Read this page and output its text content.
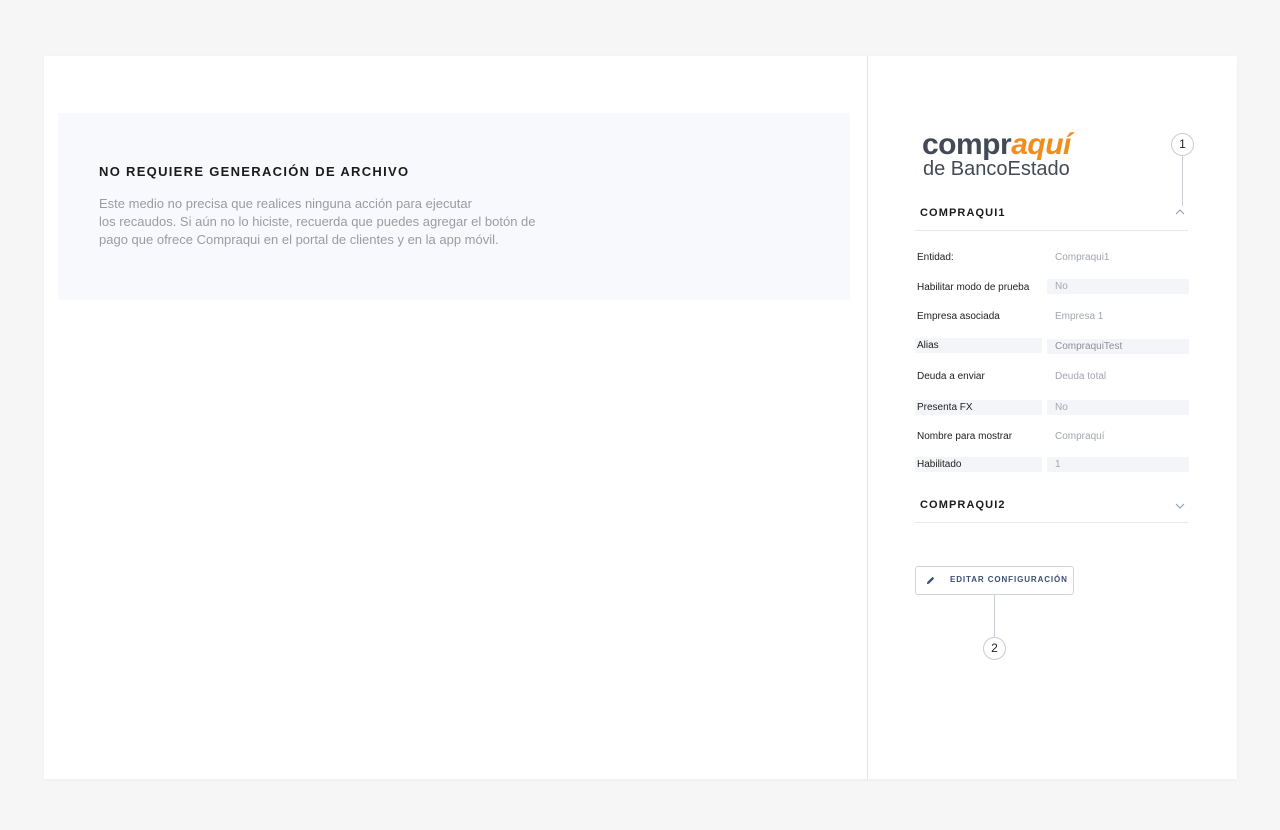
NO REQUIERE GENERACIÓN DE ARCHIVO
Este medio no precisa que realices ninguna acción para ejecutar
los recaudos. Si aún no lo hiciste, recuerda que puedes agregar el botón de
pago que ofrece Compraqui en el portal de clientes y en la app móvil.
compraquí
de BancoEstado
1
COMPRAQUI1
Entidad:	Compraqui1
Habilitar modo de prueba	No
Empresa asociada	Empresa 1
Alias	CompraquiTest
Deuda a enviar	Deuda total
Presenta FX	No
Nombre para mostrar	Compraquí
Habilitado	1
COMPRAQUI2
EDITAR CONFIGURACIÓN
2
